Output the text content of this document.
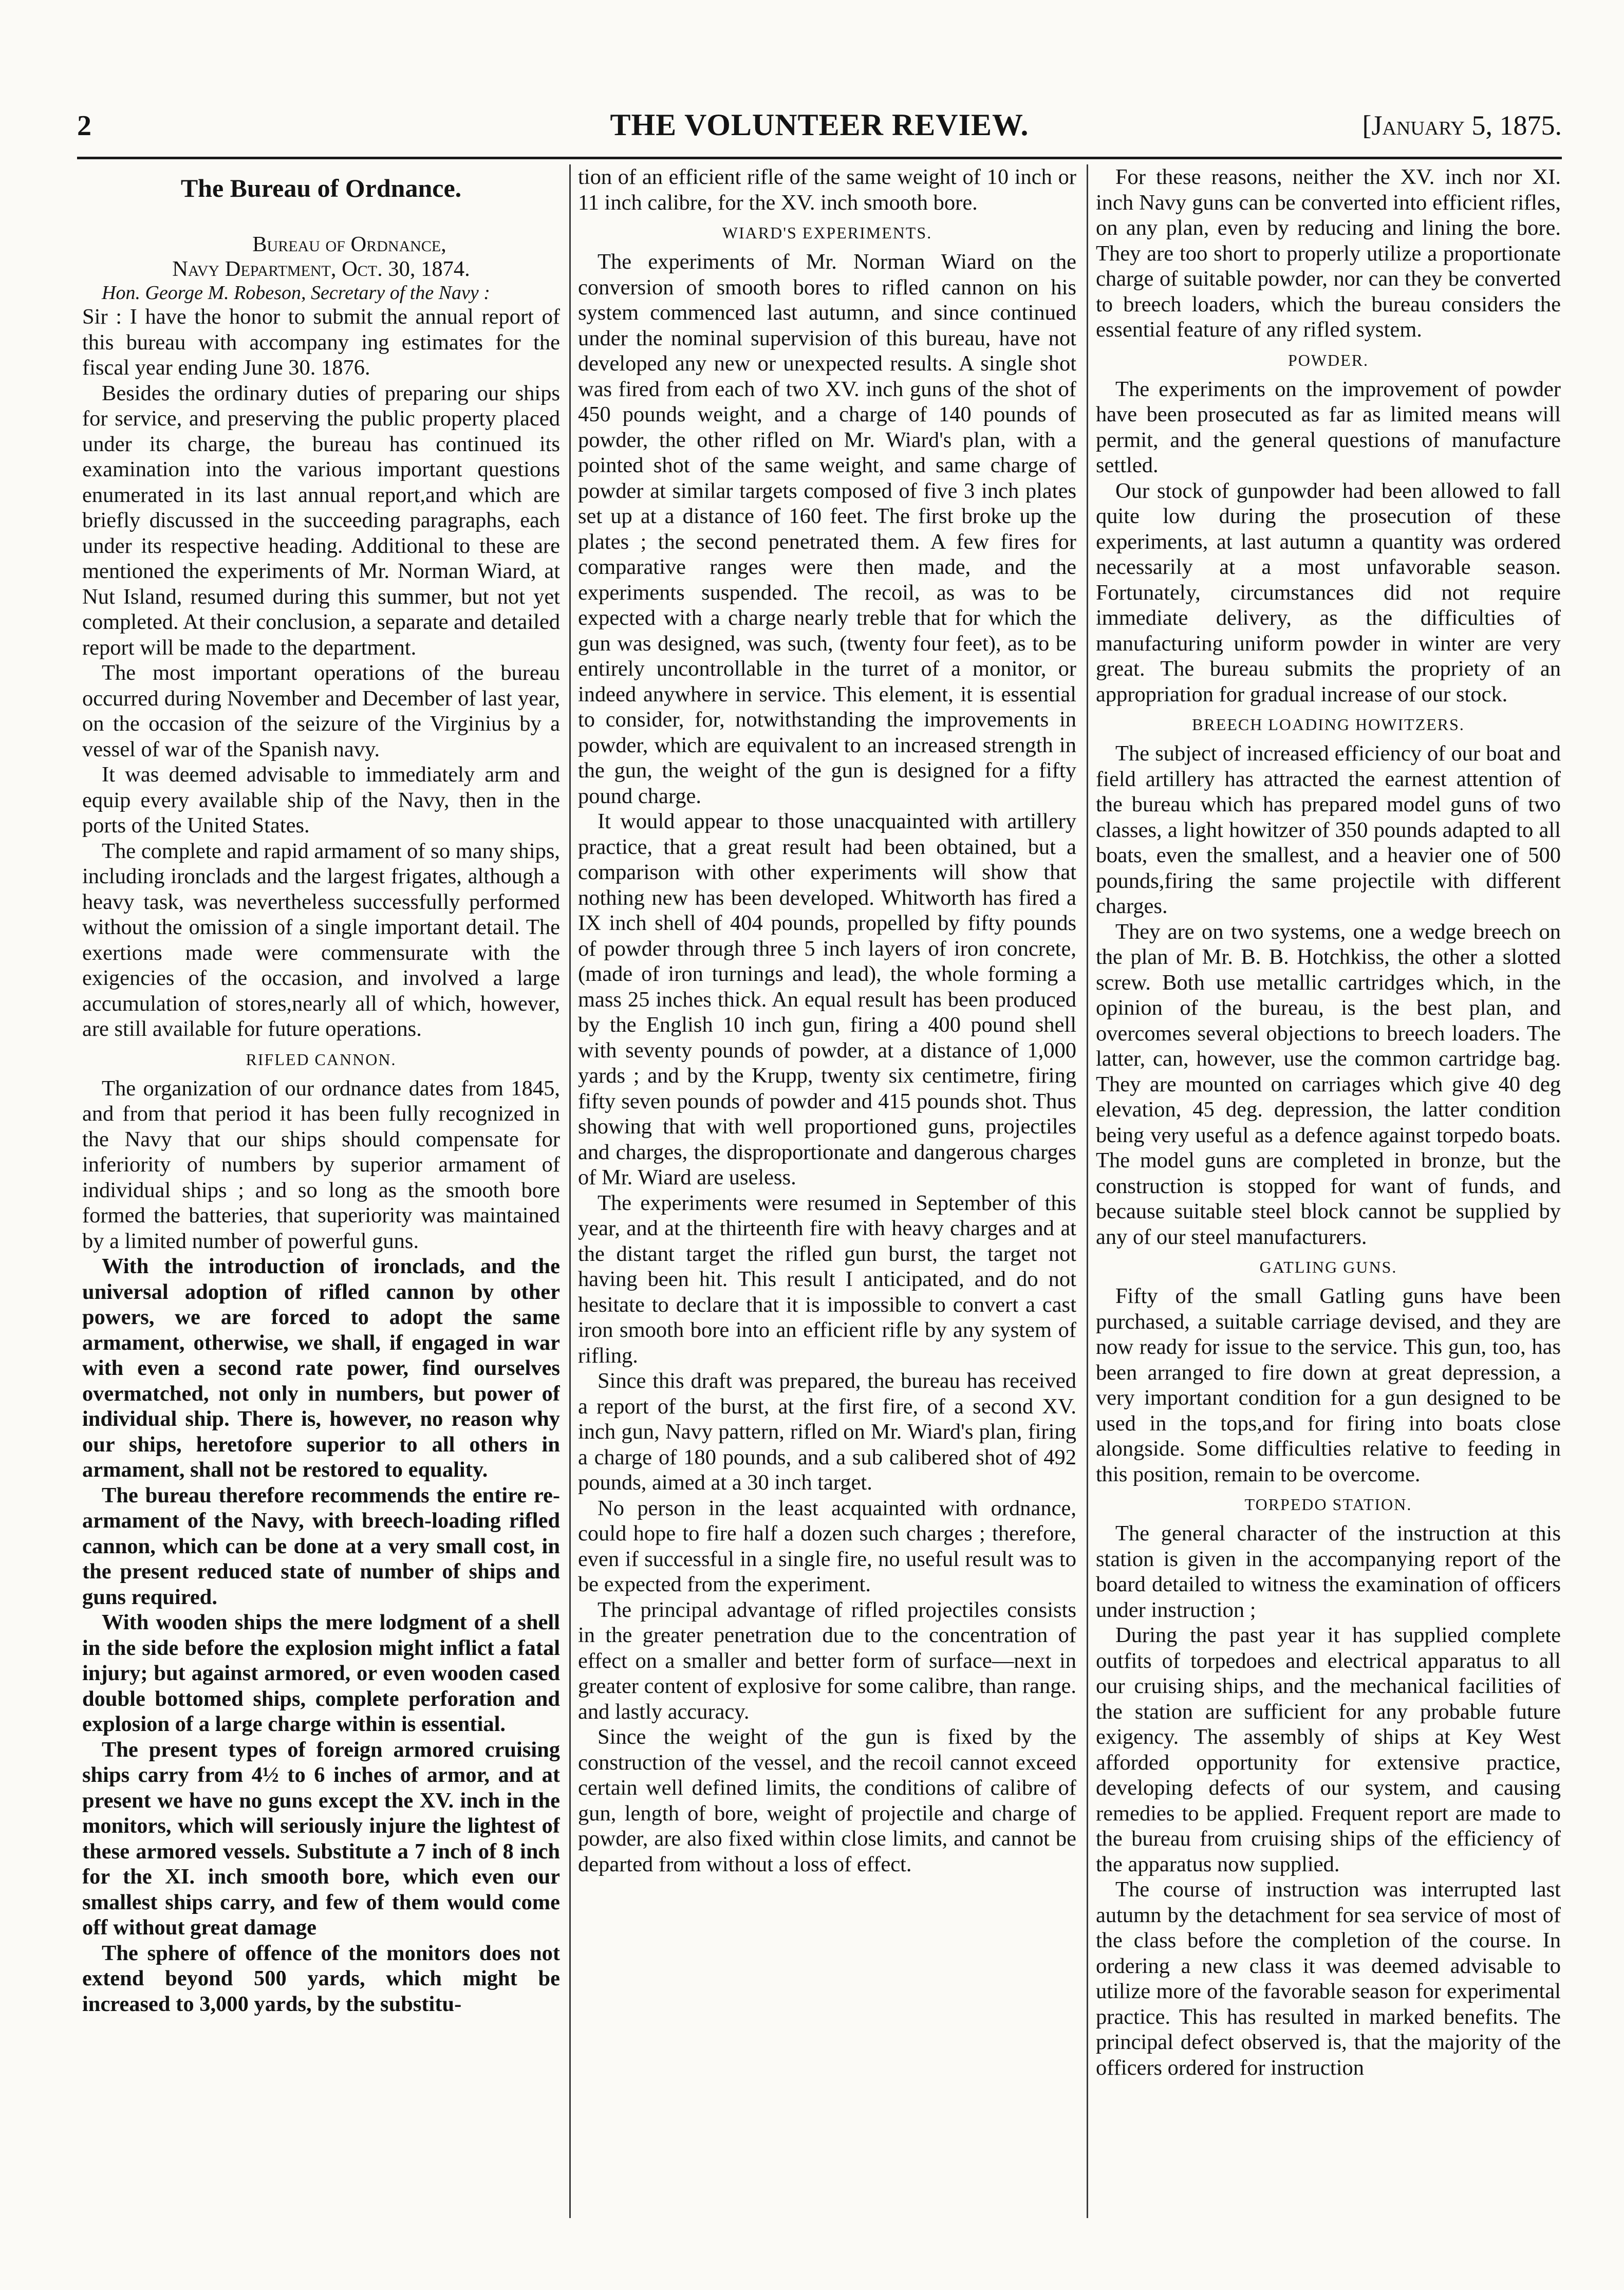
2	THE VOLUNTEER REVIEW.	[January 5, 1875.
The Bureau of Ordnance.
Bureau of Ordnance,
Navy Department, Oct. 30, 1874.

Hon. George M. Robeson, Secretary of the Navy :

Sir : I have the honor to submit the annual report of this bureau with accompany ing estimates for the fiscal year ending June 30. 1876.

Besides the ordinary duties of preparing our ships for service, and preserving the public property placed under its charge, the bureau has continued its examination into the various important questions enumerated in its last annual report,and which are briefly discussed in the succeeding paragraphs, each under its respective heading. Additional to these are mentioned the experiments of Mr. Norman Wiard, at Nut Island, resumed during this summer, but not yet completed. At their conclusion, a separate and detailed report will be made to the department.

The most important operations of the bureau occurred during November and December of last year, on the occasion of the seizure of the Virginius by a vessel of war of the Spanish navy.

It was deemed advisable to immediately arm and equip every available ship of the Navy, then in the ports of the United States.

The complete and rapid armament of so many ships, including ironclads and the largest frigates, although a heavy task, was nevertheless successfully performed without the omission of a single important detail. The exertions made were commensurate with the exigencies of the occasion, and involved a large accumulation of stores,nearly all of which, however, are still available for future operations.

RIFLED CANNON.

The organization of our ordnance dates from 1845, and from that period it has been fully recognized in the Navy that our ships should compensate for inferiority of numbers by superior armament of individual ships ; and so long as the smooth bore formed the batteries, that superiority was maintained by a limited number of powerful guns.

With the introduction of ironclads, and the universal adoption of rifled cannon by other powers, we are forced to adopt the same armament, otherwise, we shall, if engaged in war with even a second rate power, find ourselves overmatched, not only in numbers, but power of individual ship. There is, however, no reason why our ships, heretofore superior to all others in armament, shall not be restored to equality.

The bureau therefore recommends the entire re-armament of the Navy, with breech-loading rifled cannon, which can be done at a very small cost, in the present reduced state of number of ships and guns required.

With wooden ships the mere lodgment of a shell in the side before the explosion might inflict a fatal injury; but against armored, or even wooden cased double bottomed ships, complete perforation and explosion of a large charge within is essential.

The present types of foreign armored cruising ships carry from 4½ to 6 inches of armor, and at present we have no guns except the XV. inch in the monitors, which will seriously injure the lightest of these armored vessels. Substitute a 7 inch of 8 inch for the XI. inch smooth bore, which even our smallest ships carry, and few of them would come off without great damage

The sphere of offence of the monitors does not extend beyond 500 yards, which might be increased to 3,000 yards, by the substitu-

tion of an efficient rifle of the same weight of 10 inch or 11 inch calibre, for the XV. inch smooth bore.

WIARD'S EXPERIMENTS.

The experiments of Mr. Norman Wiard on the conversion of smooth bores to rifled cannon on his system commenced last autumn, and since continued under the nominal supervision of this bureau, have not developed any new or unexpected results. A single shot was fired from each of two XV. inch guns of the shot of 450 pounds weight, and a charge of 140 pounds of powder, the other rifled on Mr. Wiard's plan, with a pointed shot of the same weight, and same charge of powder at similar targets composed of five 3 inch plates set up at a distance of 160 feet. The first broke up the plates ; the second penetrated them. A few fires for comparative ranges were then made, and the experiments suspended. The recoil, as was to be expected with a charge nearly treble that for which the gun was designed, was such, (twenty four feet), as to be entirely uncontrollable in the turret of a monitor, or indeed anywhere in service. This element, it is essential to consider, for, notwithstanding the improvements in powder, which are equivalent to an increased strength in the gun, the weight of the gun is designed for a fifty pound charge.

It would appear to those unacquainted with artillery practice, that a great result had been obtained, but a comparison with other experiments will show that nothing new has been developed. Whitworth has fired a IX inch shell of 404 pounds, propelled by fifty pounds of powder through three 5 inch layers of iron concrete, (made of iron turnings and lead), the whole forming a mass 25 inches thick. An equal result has been produced by the English 10 inch gun, firing a 400 pound shell with seventy pounds of powder, at a distance of 1,000 yards ; and by the Krupp, twenty six centimetre, firing fifty seven pounds of powder and 415 pounds shot. Thus showing that with well proportioned guns, projectiles and charges, the disproportionate and dangerous charges of Mr. Wiard are useless.

The experiments were resumed in September of this year, and at the thirteenth fire with heavy charges and at the distant target the rifled gun burst, the target not having been hit. This result I anticipated, and do not hesitate to declare that it is impossible to convert a cast iron smooth bore into an efficient rifle by any system of rifling.

Since this draft was prepared, the bureau has received a report of the burst, at the first fire, of a second XV. inch gun, Navy pattern, rifled on Mr. Wiard's plan, firing a charge of 180 pounds, and a sub calibered shot of 492 pounds, aimed at a 30 inch target.

No person in the least acquainted with ordnance, could hope to fire half a dozen such charges ; therefore, even if successful in a single fire, no useful result was to be expected from the experiment.

The principal advantage of rifled projectiles consists in the greater penetration due to the concentration of effect on a smaller and better form of surface—next in greater content of explosive for some calibre, than range. and lastly accuracy.

Since the weight of the gun is fixed by the construction of the vessel, and the recoil cannot exceed certain well defined limits, the conditions of calibre of gun, length of bore, weight of projectile and charge of powder, are also fixed within close limits, and cannot be departed from without a loss of effect.

For these reasons, neither the XV. inch nor XI. inch Navy guns can be converted into efficient rifles, on any plan, even by reducing and lining the bore. They are too short to properly utilize a proportionate charge of suitable powder, nor can they be converted to breech loaders, which the bureau considers the essential feature of any rifled system.

POWDER.

The experiments on the improvement of powder have been prosecuted as far as limited means will permit, and the general questions of manufacture settled.

Our stock of gunpowder had been allowed to fall quite low during the prosecution of these experiments, at last autumn a quantity was ordered necessarily at a most unfavorable season. Fortunately, circumstances did not require immediate delivery, as the difficulties of manufacturing uniform powder in winter are very great. The bureau submits the propriety of an appropriation for gradual increase of our stock.

BREECH LOADING HOWITZERS.

The subject of increased efficiency of our boat and field artillery has attracted the earnest attention of the bureau which has prepared model guns of two classes, a light howitzer of 350 pounds adapted to all boats, even the smallest, and a heavier one of 500 pounds,firing the same projectile with different charges.

They are on two systems, one a wedge breech on the plan of Mr. B. B. Hotchkiss, the other a slotted screw. Both use metallic cartridges which, in the opinion of the bureau, is the best plan, and overcomes several objections to breech loaders. The latter, can, however, use the common cartridge bag. They are mounted on carriages which give 40 deg elevation, 45 deg. depression, the latter condition being very useful as a defence against torpedo boats. The model guns are completed in bronze, but the construction is stopped for want of funds, and because suitable steel block cannot be supplied by any of our steel manufacturers.

GATLING GUNS.

Fifty of the small Gatling guns have been purchased, a suitable carriage devised, and they are now ready for issue to the service. This gun, too, has been arranged to fire down at great depression, a very important condition for a gun designed to be used in the tops,and for firing into boats close alongside. Some difficulties relative to feeding in this position, remain to be overcome.

TORPEDO STATION.

The general character of the instruction at this station is given in the accompanying report of the board detailed to witness the examination of officers under instruction ;

During the past year it has supplied complete outfits of torpedoes and electrical apparatus to all our cruising ships, and the mechanical facilities of the station are sufficient for any probable future exigency. The assembly of ships at Key West afforded opportunity for extensive practice, developing defects of our system, and causing remedies to be applied. Frequent report are made to the bureau from cruising ships of the efficiency of the apparatus now supplied.

The course of instruction was interrupted last autumn by the detachment for sea service of most of the class before the completion of the course. In ordering a new class it was deemed advisable to utilize more of the favorable season for experimental practice. This has resulted in marked benefits. The principal defect observed is, that the majority of the officers ordered for instruction
